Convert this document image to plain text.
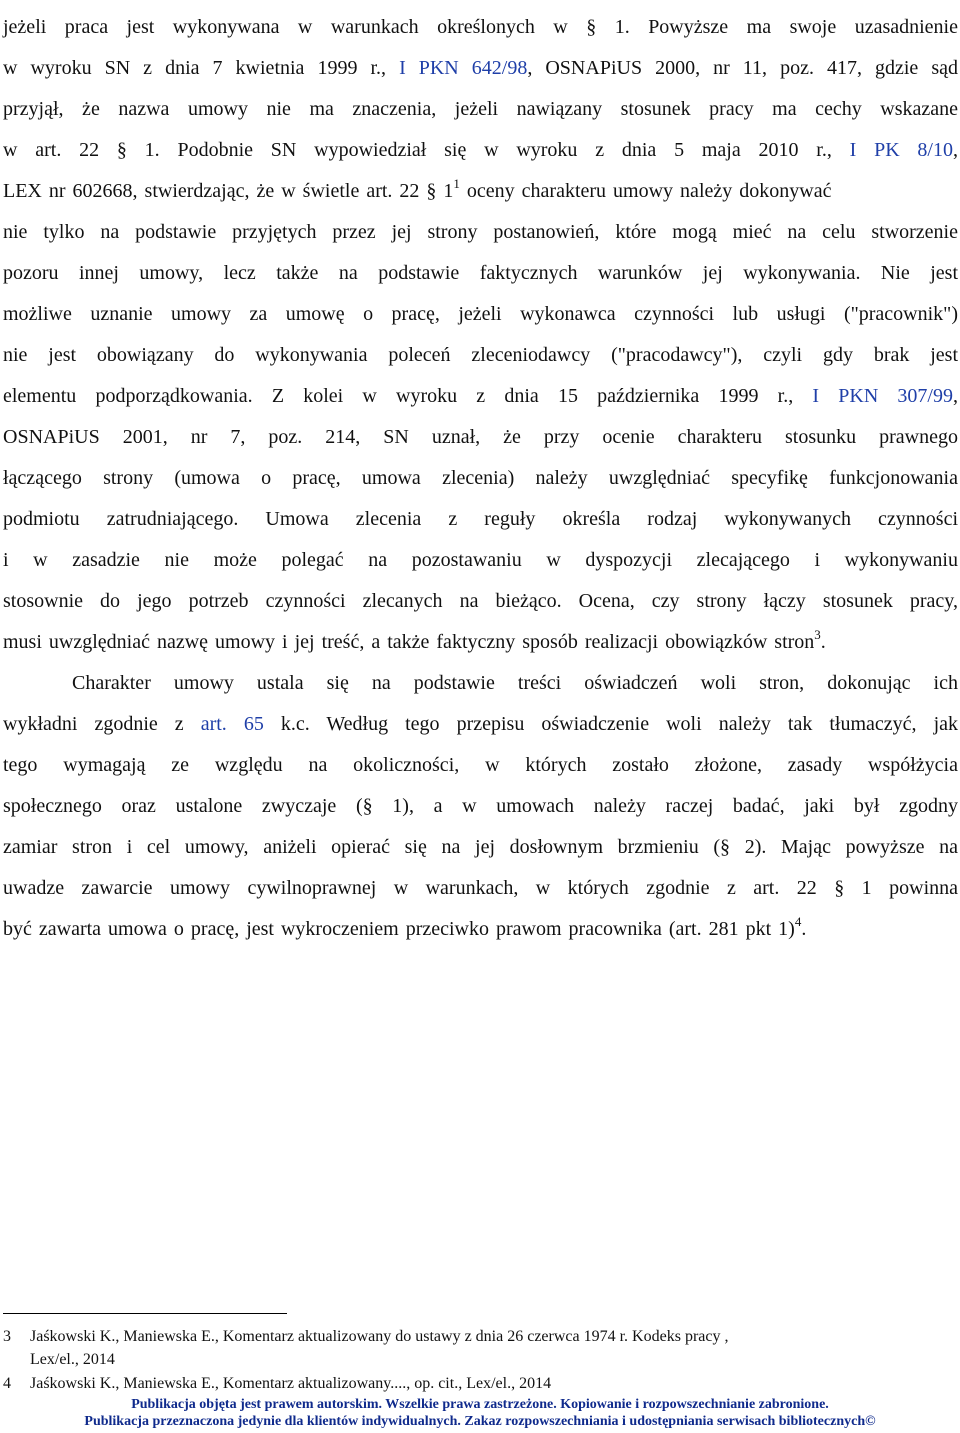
jeżeli praca jest wykonywana w warunkach określonych w § 1. Powyższe ma swoje uzasadnienie
w wyroku SN z dnia 7 kwietnia 1999 r., I PKN 642/98, OSNAPiUS 2000, nr 11, poz. 417, gdzie sąd
przyjął, że nazwa umowy nie ma znaczenia, jeżeli nawiązany stosunek pracy ma cechy wskazane
w art. 22 § 1. Podobnie SN wypowiedział się w wyroku z dnia 5 maja 2010 r., I PK 8/10,
LEX nr 602668, stwierdzając, że w świetle art. 22 § $1^1$ oceny charakteru umowy należy dokonywać
nie tylko na podstawie przyjętych przez jej strony postanowień, które mogą mieć na celu stworzenie
pozoru innej umowy, lecz także na podstawie faktycznych warunków jej wykonywania. Nie jest
możliwe uznanie umowy za umowę o pracę, jeżeli wykonawca czynności lub usługi ("pracownik")
nie jest obowiązany do wykonywania poleceń zleceniodawcy ("pracodawcy"), czyli gdy brak jest
elementu podporządkowania. Z kolei w wyroku z dnia 15 października 1999 r., I PKN 307/99,
OSNAPiUS 2001, nr 7, poz. 214, SN uznał, że przy ocenie charakteru stosunku prawnego
łączącego strony (umowa o pracę, umowa zlecenia) należy uwzględniać specyfikę funkcjonowania
podmiotu zatrudniającego. Umowa zlecenia z reguły określa rodzaj wykonywanych czynności
i w zasadzie nie może polegać na pozostawaniu w dyspozycji zlecającego i wykonywaniu
stosownie do jego potrzeb czynności zlecanych na bieżąco. Ocena, czy strony łączy stosunek pracy,
musi uwzględniać nazwę umowy i jej treść, a także faktyczny sposób realizacji obowiązków stron$^3$.
Charakter umowy ustala się na podstawie treści oświadczeń woli stron, dokonując ich
wykładni zgodnie z art. 65 k.c. Według tego przepisu oświadczenie woli należy tak tłumaczyć, jak
tego wymagają ze względu na okoliczności, w których zostało złożone, zasady współżycia
społecznego oraz ustalone zwyczaje (§ 1), a w umowach należy raczej badać, jaki był zgodny
zamiar stron i cel umowy, aniżeli opierać się na jej dosłownym brzmieniu (§ 2). Mając powyższe na
uwadze zawarcie umowy cywilnoprawnej w warunkach, w których zgodnie z art. 22 § 1 powinna
być zawarta umowa o pracę, jest wykroczeniem przeciwko prawom pracownika (art. 281 pkt 1)$^4$.
3 Jaśkowski K., Maniewska E., Komentarz aktualizowany do ustawy z dnia 26 czerwca 1974 r. Kodeks pracy ,
Lex/el., 2014
4 Jaśkowski K., Maniewska E., Komentarz aktualizowany...., op. cit., Lex/el., 2014
Publikacja objęta jest prawem autorskim. Wszelkie prawa zastrzeżone. Kopiowanie i rozpowszechnianie zabronione.
Publikacja przeznaczona jedynie dla klientów indywidualnych. Zakaz rozpowszechniania i udostępniania serwisach bibliotecznych©
